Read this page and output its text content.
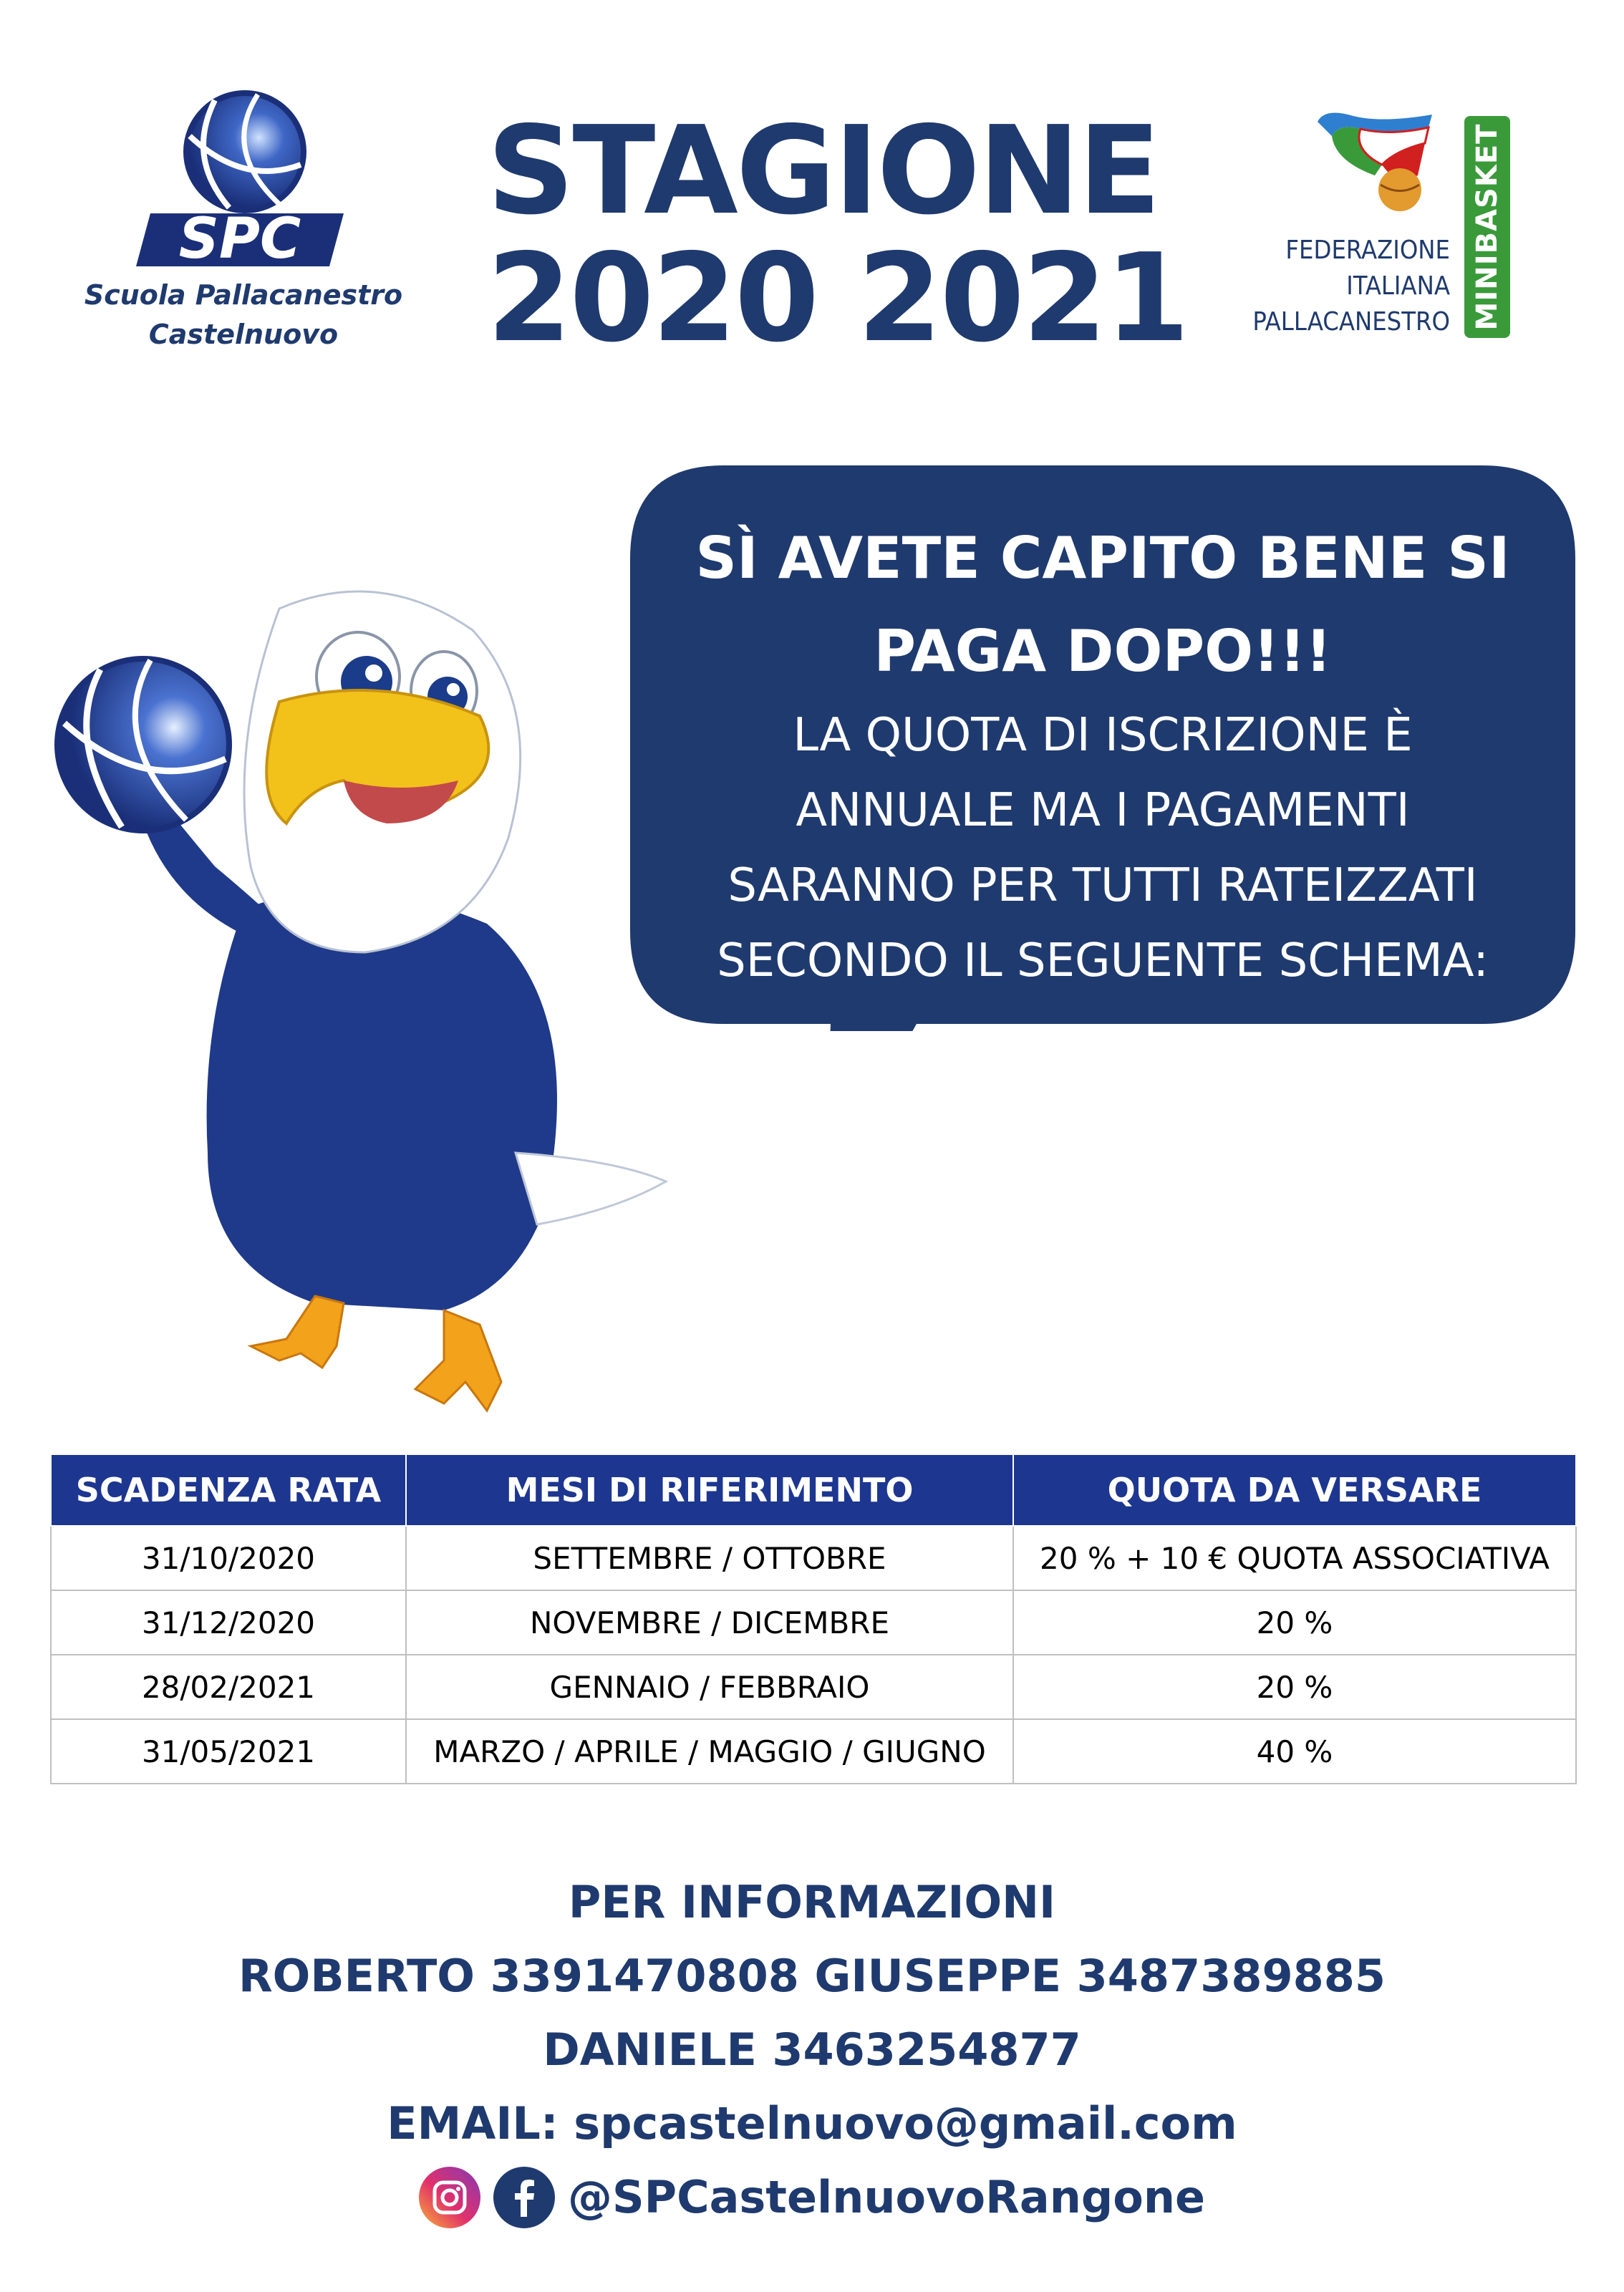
SPC
Scuola Pallacanestro
Castelnuovo
STAGIONE
2020 2021	FEDERAZIONE
ITALIANA
PALLACANESTRO MINIBASKET
SÌ AVETE CAPITO BENE SI
PAGA DOPO!!!
LA QUOTA DI ISCRIZIONE È
ANNUALE MA I PAGAMENTI
SARANNO PER TUTTI RATEIZZATI
SECONDO IL SEGUENTE SCHEMA:
SCADENZA RATA	MESI DI RIFERIMENTO	QUOTA DA VERSARE
31/10/2020	SETTEMBRE / OTTOBRE	20 % + 10 € QUOTA ASSOCIATIVA
31/12/2020	NOVEMBRE / DICEMBRE	20 %
28/02/2021	GENNAIO / FEBBRAIO	20 %
31/05/2021	MARZO / APRILE / MAGGIO / GIUGNO	40 %
PER INFORMAZIONI
ROBERTO 3391470808 GIUSEPPE 3487389885
DANIELE 3463254877
EMAIL: spcastelnuovo@gmail.com
@SPCastelnuovoRangone
